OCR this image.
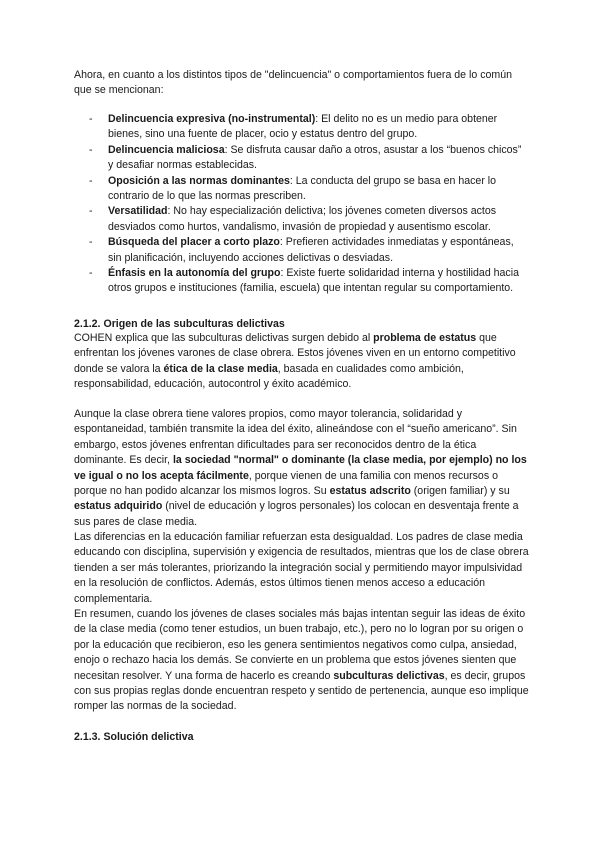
Ahora, en cuanto a los distintos tipos de "delincuencia" o comportamientos fuera de lo común que se mencionan:

- Delincuencia expresiva (no-instrumental): El delito no es un medio para obtener bienes, sino una fuente de placer, ocio y estatus dentro del grupo.
- Delincuencia maliciosa: Se disfruta causar daño a otros, asustar a los “buenos chicos” y desafiar normas establecidas.
- Oposición a las normas dominantes: La conducta del grupo se basa en hacer lo contrario de lo que las normas prescriben.
- Versatilidad: No hay especialización delictiva; los jóvenes cometen diversos actos desviados como hurtos, vandalismo, invasión de propiedad y ausentismo escolar.
- Búsqueda del placer a corto plazo: Prefieren actividades inmediatas y espontáneas, sin planificación, incluyendo acciones delictivas o desviadas.
- Énfasis en la autonomía del grupo: Existe fuerte solidaridad interna y hostilidad hacia otros grupos e instituciones (familia, escuela) que intentan regular su comportamiento.

2.1.2. Origen de las subculturas delictivas

COHEN explica que las subculturas delictivas surgen debido al problema de estatus que enfrentan los jóvenes varones de clase obrera. Estos jóvenes viven en un entorno competitivo donde se valora la ética de la clase media, basada en cualidades como ambición, responsabilidad, educación, autocontrol y éxito académico.

Aunque la clase obrera tiene valores propios, como mayor tolerancia, solidaridad y espontaneidad, también transmite la idea del éxito, alineándose con el “sueño americano”. Sin embargo, estos jóvenes enfrentan dificultades para ser reconocidos dentro de la ética dominante. Es decir, la sociedad "normal" o dominante (la clase media, por ejemplo) no los ve igual o no los acepta fácilmente, porque vienen de una familia con menos recursos o porque no han podido alcanzar los mismos logros. Su estatus adscrito (origen familiar) y su estatus adquirido (nivel de educación y logros personales) los colocan en desventaja frente a sus pares de clase media.

Las diferencias en la educación familiar refuerzan esta desigualdad. Los padres de clase media educando con disciplina, supervisión y exigencia de resultados, mientras que los de clase obrera tienden a ser más tolerantes, priorizando la integración social y permitiendo mayor impulsividad en la resolución de conflictos. Además, estos últimos tienen menos acceso a educación complementaria.

En resumen, cuando los jóvenes de clases sociales más bajas intentan seguir las ideas de éxito de la clase media (como tener estudios, un buen trabajo, etc.), pero no lo logran por su origen o por la educación que recibieron, eso les genera sentimientos negativos como culpa, ansiedad, enojo o rechazo hacia los demás. Se convierte en un problema que estos jóvenes sienten que necesitan resolver. Y una forma de hacerlo es creando subculturas delictivas, es decir, grupos con sus propias reglas donde encuentran respeto y sentido de pertenencia, aunque eso implique romper las normas de la sociedad.

2.1.3. Solución delictiva
